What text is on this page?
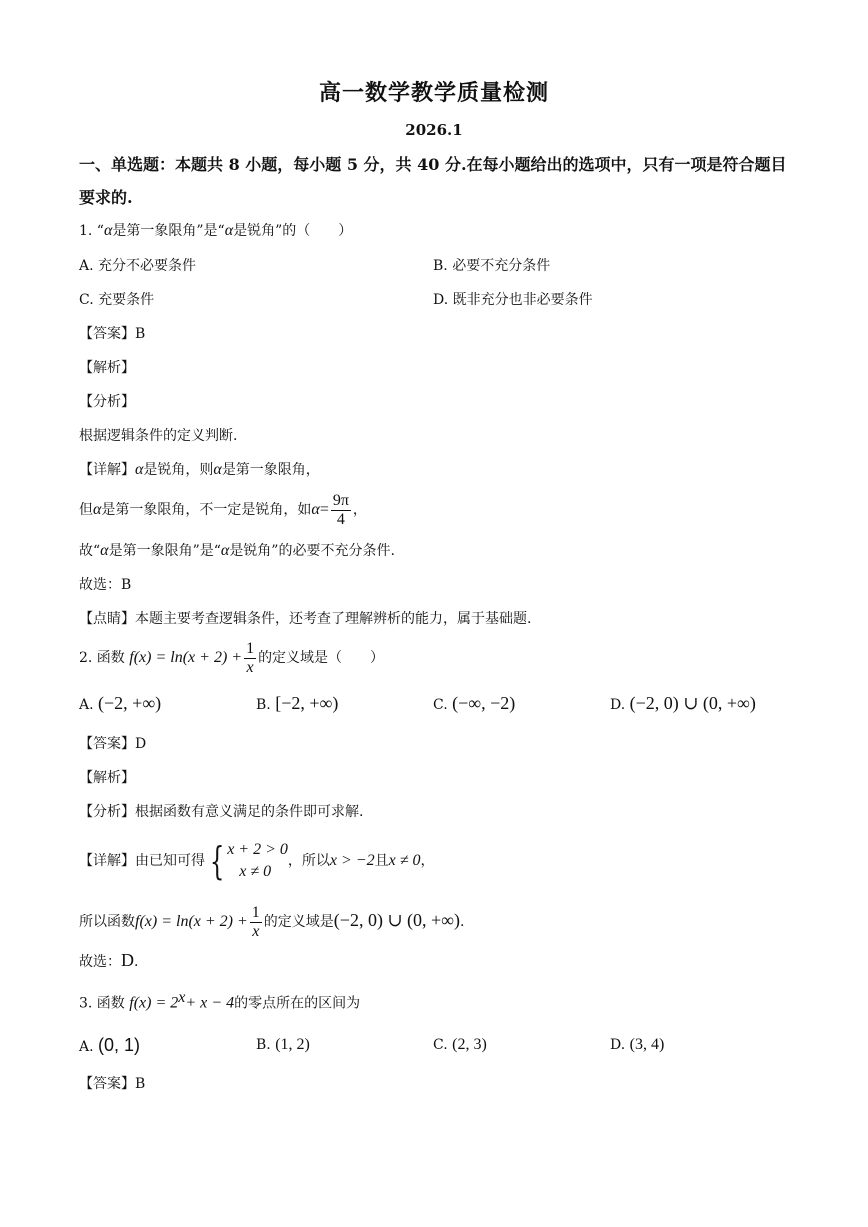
高一数学教学质量检测
2026.1
一、单选题：本题共 8 小题，每小题 5 分，共 40 分.在每小题给出的选项中，只有一项是符合题目要求的.
1. “α是第一象限角”是“α是锐角”的（　　）
A. 充分不必要条件	B. 必要不充分条件
C. 充要条件	D. 既非充分也非必要条件
【答案】B
【解析】
【分析】
根据逻辑条件的定义判断.
【详解】α是锐角，则α是第一象限角，
但α是第一象限角，不一定是锐角，如$\alpha= \frac{9\pi}{4}$ ，
故“α是第一象限角”是“α是锐角”的必要不充分条件.
故选：B
【点睛】本题主要考查逻辑条件，还考查了理解辨析的能力，属于基础题.
2. 函数 $f(x) = \ln(x + 2) + \frac{1}{x}$ 的定义域是（　　）
A. (−2, +∞)	B. [−2, +∞)	C. (−∞, −2)	D. (−2, 0) ∪ (0, +∞)
【答案】D
【解析】
【分析】根据函数有意义满足的条件即可求解.
【详解】由已知可得 { x + 2 > 0
x ≠ 0
，所以x > −2且x ≠ 0，
所以函数$f(x) = \ln(x + 2) + \frac{1}{x}$ 的定义域是(−2, 0) ∪ (0, +∞).
故选：D.
3. 函数 $f(x) = 2^x+ x - 4$的零点所在的区间为
A. (0, 1)	B. (1, 2)	C. (2, 3)	D. (3, 4)
【答案】B
